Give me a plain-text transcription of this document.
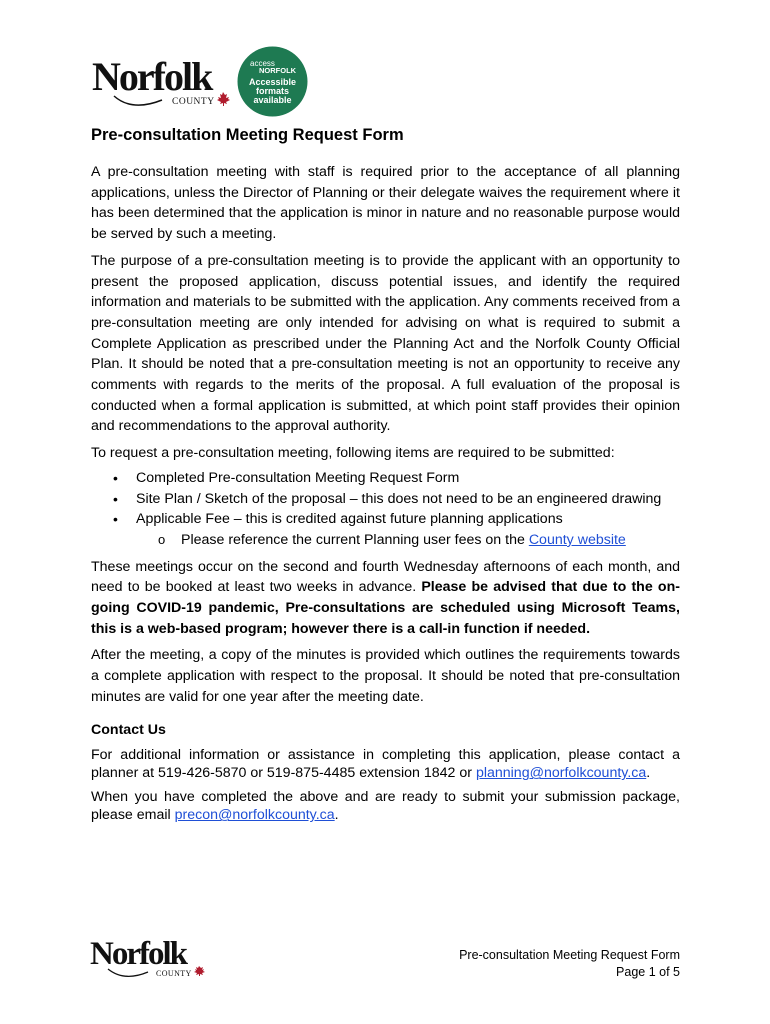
Norfolk
COUNTY
access
NORFOLK
Accessible
formats
available
Pre-consultation Meeting Request Form

A pre-consultation meeting with staff is required prior to the acceptance of all planning applications, unless the Director of Planning or their delegate waives the requirement where it has been determined that the application is minor in nature and no reasonable purpose would be served by such a meeting.

The purpose of a pre-consultation meeting is to provide the applicant with an opportunity to present the proposed application, discuss potential issues, and identify the required information and materials to be submitted with the application. Any comments received from a pre-consultation meeting are only intended for advising on what is required to submit a Complete Application as prescribed under the Planning Act and the Norfolk County Official Plan. It should be noted that a pre-consultation meeting is not an opportunity to receive any comments with regards to the merits of the proposal. A full evaluation of the proposal is conducted when a formal application is submitted, at which point staff provides their opinion and recommendations to the approval authority.

To request a pre-consultation meeting, following items are required to be submitted:

• Completed Pre-consultation Meeting Request Form
• Site Plan / Sketch of the proposal – this does not need to be an engineered drawing
• Applicable Fee – this is credited against future planning applications
o Please reference the current Planning user fees on the County website

These meetings occur on the second and fourth Wednesday afternoons of each month, and need to be booked at least two weeks in advance. Please be advised that due to the on-going COVID-19 pandemic, Pre-consultations are scheduled using Microsoft Teams, this is a web-based program; however there is a call-in function if needed.

After the meeting, a copy of the minutes is provided which outlines the requirements towards a complete application with respect to the proposal. It should be noted that pre-consultation minutes are valid for one year after the meeting date.

Contact Us

For additional information or assistance in completing this application, please contact a planner at 519-426-5870 or 519-875-4485 extension 1842 or planning@norfolkcounty.ca.

When you have completed the above and are ready to submit your submission package, please email precon@norfolkcounty.ca.

Norfolk
COUNTY
Pre-consultation Meeting Request Form
Page 1 of 5
